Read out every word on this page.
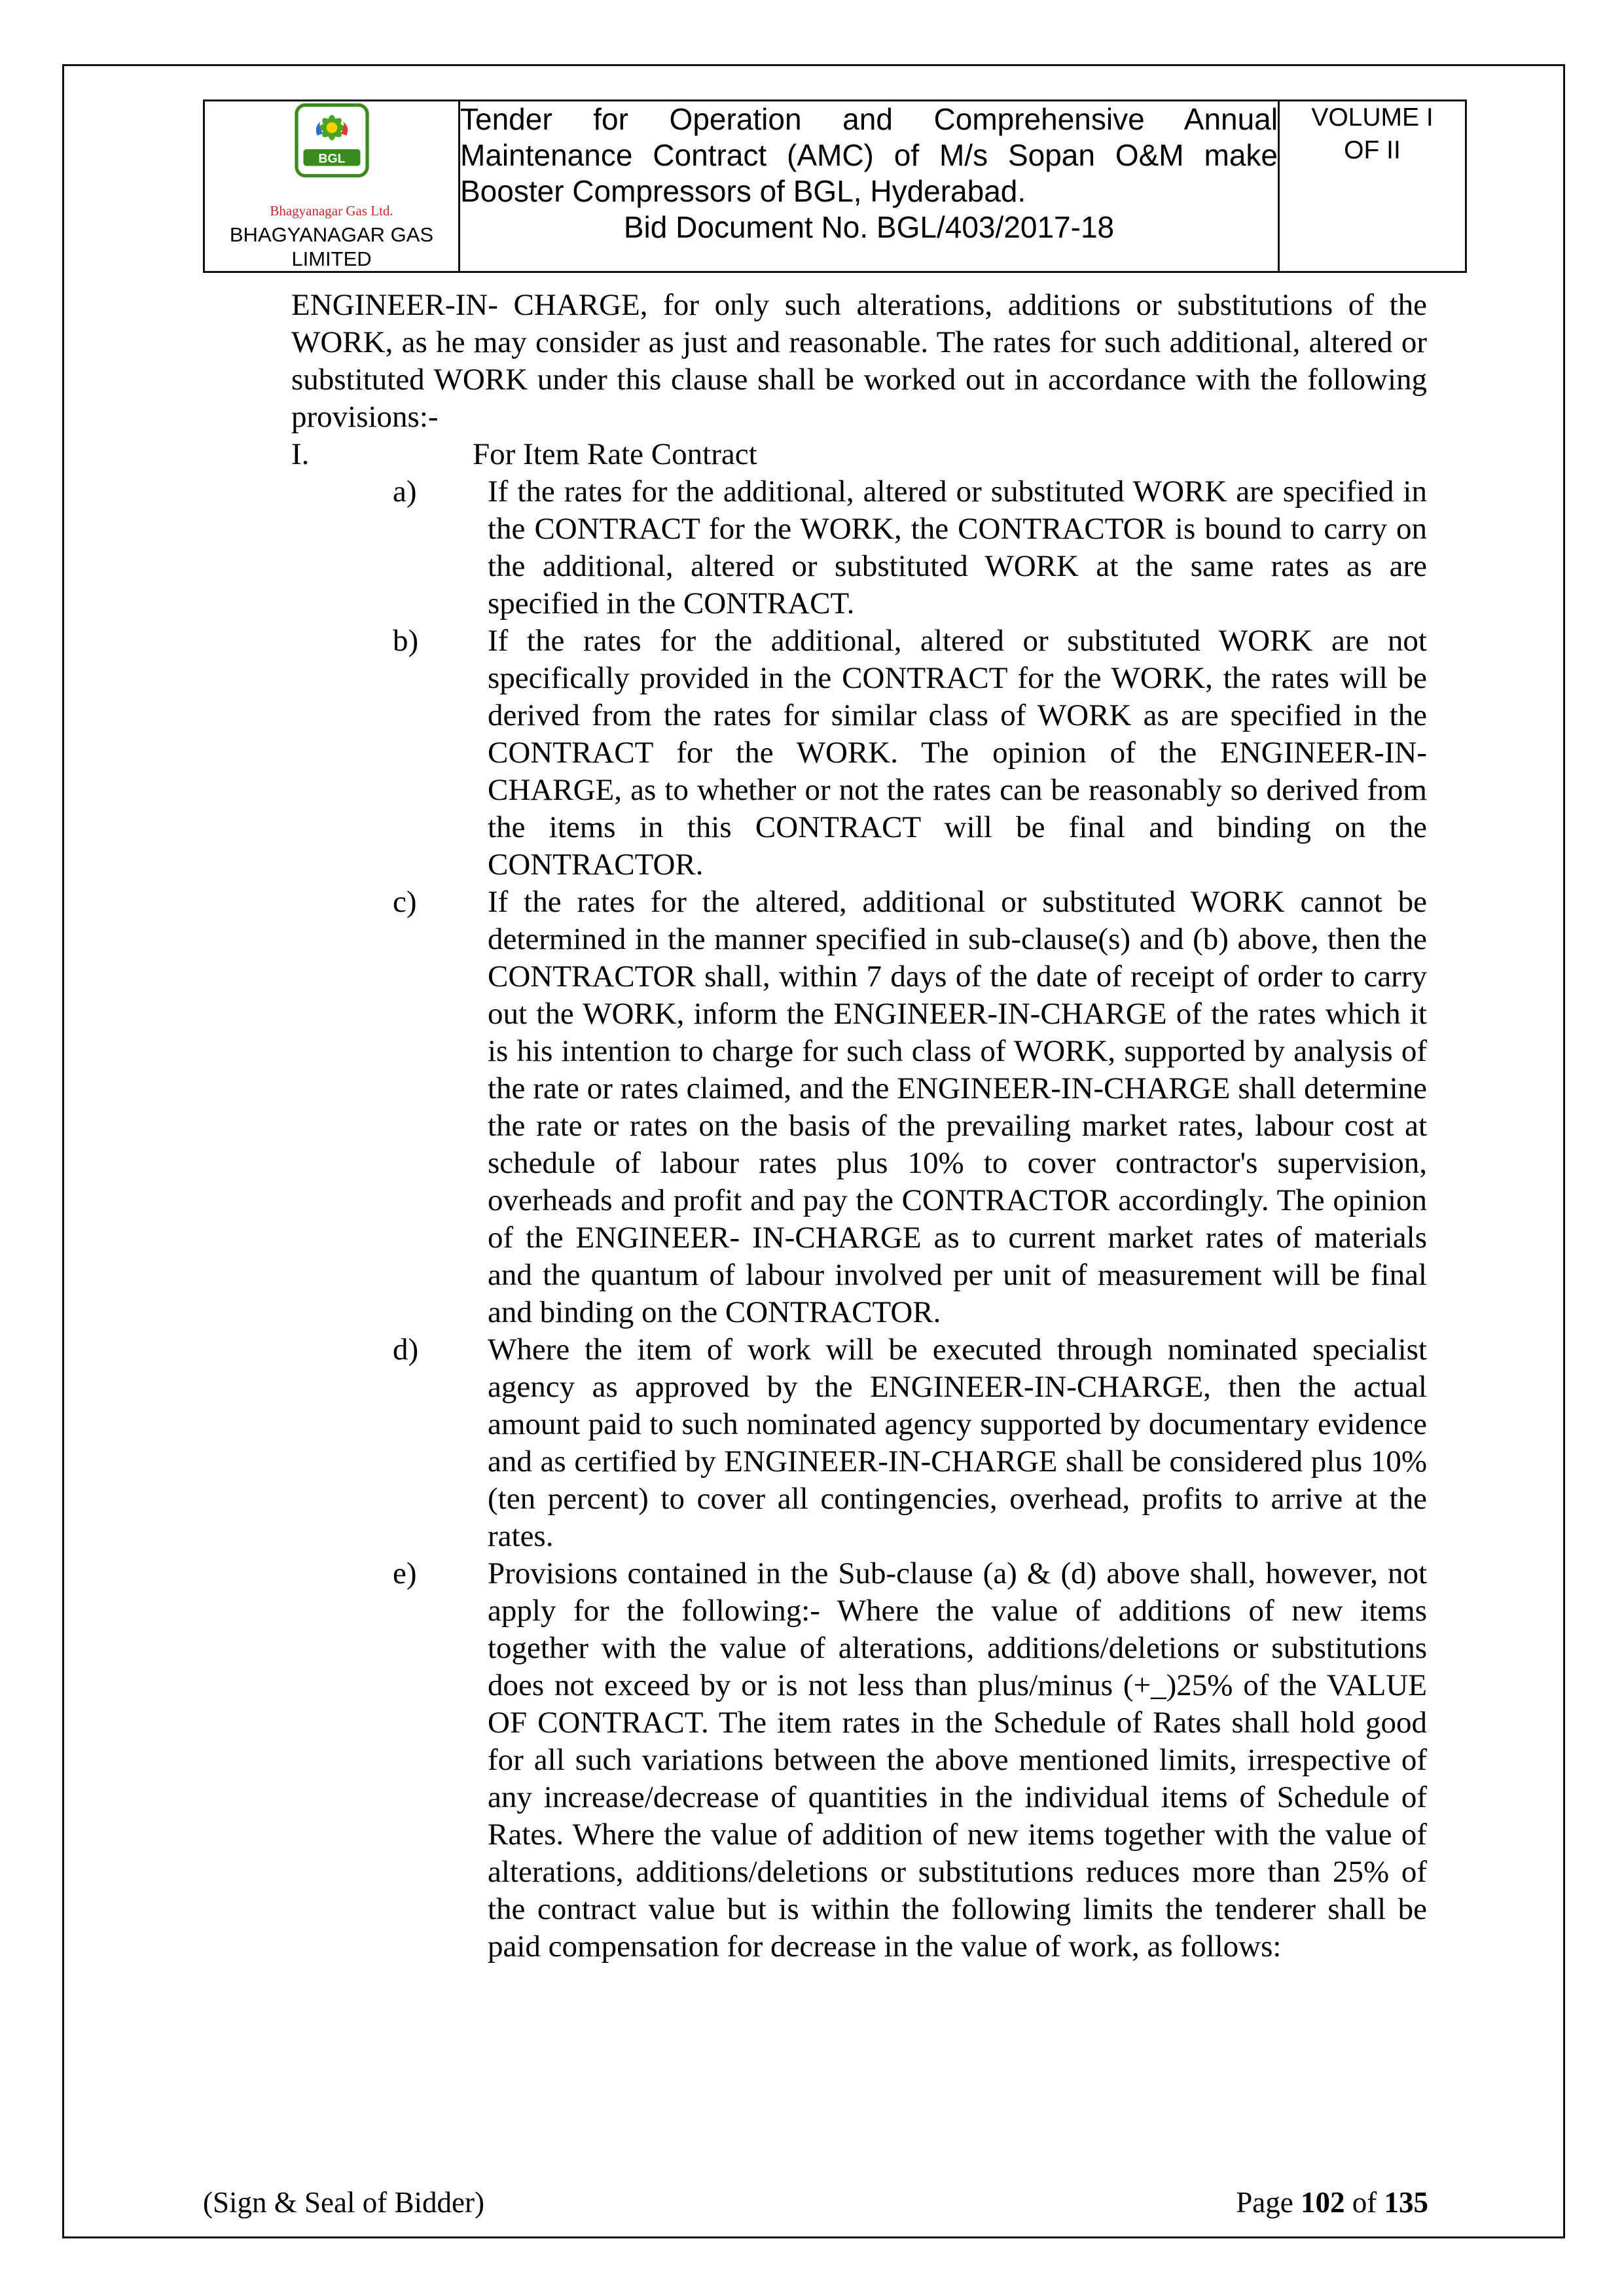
BGL
Bhagyanagar Gas Ltd.
BHAGYANAGAR GAS
LIMITED

Tender for Operation and Comprehensive Annual Maintenance Contract (AMC) of M/s Sopan O&M make Booster Compressors of BGL, Hyderabad.
Bid Document No. BGL/403/2017-18

VOLUME I
OF II

ENGINEER-IN- CHARGE, for only such alterations, additions or substitutions of the WORK, as he may consider as just and reasonable. The rates for such additional, altered or substituted WORK under this clause shall be worked out in accordance with the following provisions:-

I.	For Item Rate Contract
a)	If the rates for the additional, altered or substituted WORK are specified in the CONTRACT for the WORK, the CONTRACTOR is bound to carry on the additional, altered or substituted WORK at the same rates as are specified in the CONTRACT.

b)	If the rates for the additional, altered or substituted WORK are not specifically provided in the CONTRACT for the WORK, the rates will be derived from the rates for similar class of WORK as are specified in the CONTRACT for the WORK. The opinion of the ENGINEER-IN-CHARGE, as to whether or not the rates can be reasonably so derived from the items in this CONTRACT will be final and binding on the CONTRACTOR.

c)	If the rates for the altered, additional or substituted WORK cannot be determined in the manner specified in sub-clause(s) and (b) above, then the CONTRACTOR shall, within 7 days of the date of receipt of order to carry out the WORK, inform the ENGINEER-IN-CHARGE of the rates which it is his intention to charge for such class of WORK, supported by analysis of the rate or rates claimed, and the ENGINEER-IN-CHARGE shall determine the rate or rates on the basis of the prevailing market rates, labour cost at schedule of labour rates plus 10% to cover contractor's supervision, overheads and profit and pay the CONTRACTOR accordingly. The opinion of the ENGINEER- IN-CHARGE as to current market rates of materials and the quantum of labour involved per unit of measurement will be final and binding on the CONTRACTOR.

d)	Where the item of work will be executed through nominated specialist agency as approved by the ENGINEER-IN-CHARGE, then the actual amount paid to such nominated agency supported by documentary evidence and as certified by ENGINEER-IN-CHARGE shall be considered plus 10% (ten percent) to cover all contingencies, overhead, profits to arrive at the rates.

e)	Provisions contained in the Sub-clause (a) & (d) above shall, however, not apply for the following:- Where the value of additions of new items together with the value of alterations, additions/deletions or substitutions does not exceed by or is not less than plus/minus (+_)25% of the VALUE OF CONTRACT. The item rates in the Schedule of Rates shall hold good for all such variations between the above mentioned limits, irrespective of any increase/decrease of quantities in the individual items of Schedule of Rates. Where the value of addition of new items together with the value of alterations, additions/deletions or substitutions reduces more than 25% of the contract value but is within the following limits the tenderer shall be paid compensation for decrease in the value of work, as follows:

(Sign & Seal of Bidder)	Page 102 of 135
